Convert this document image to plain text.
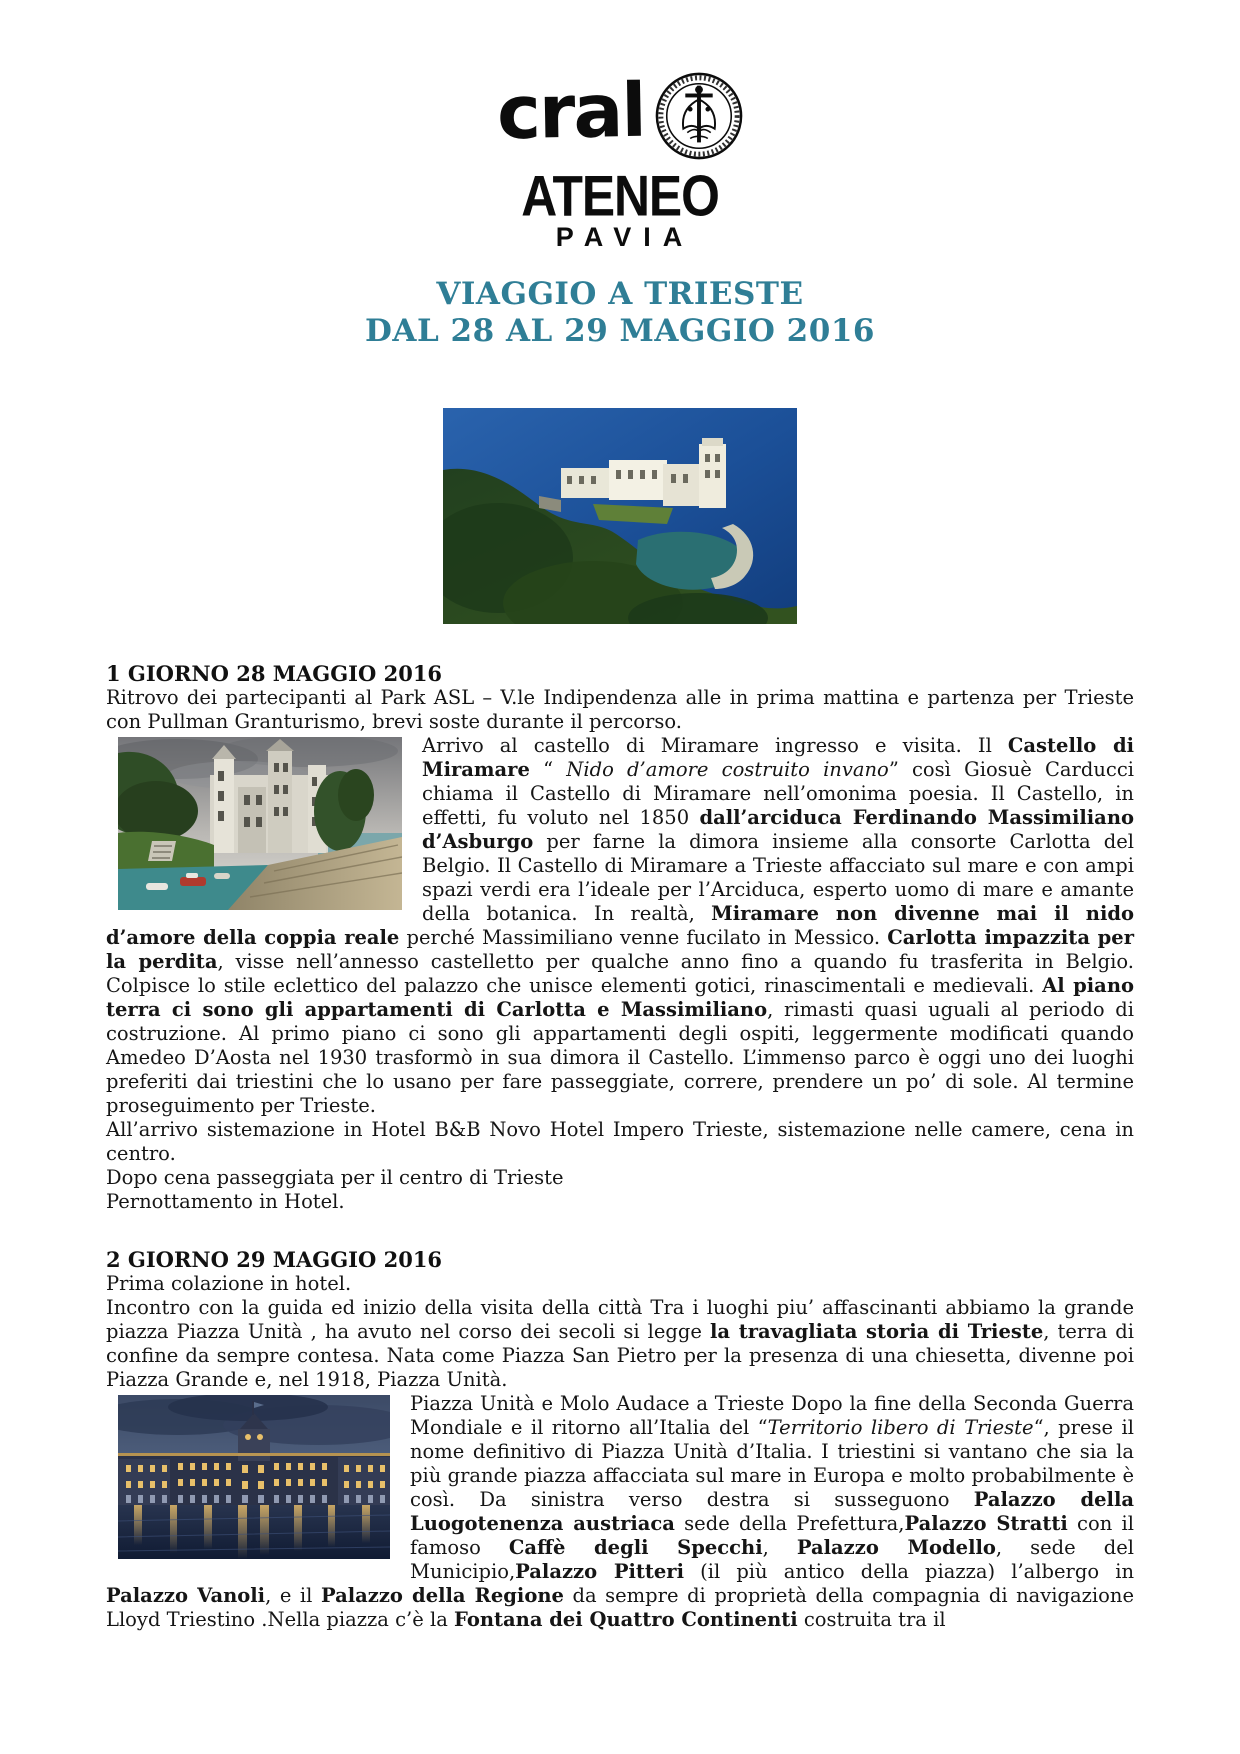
cral
ATENEO
PAVIA
VIAGGIO A TRIESTE
DAL 28 AL 29 MAGGIO 2016
1 GIORNO 28 MAGGIO 2016

Ritrovo dei partecipanti al Park ASL – V.le Indipendenza alle in prima mattina e partenza per Trieste con Pullman Granturismo, brevi soste durante il percorso.

Arrivo al castello di Miramare ingresso e visita. Il Castello di Miramare “ Nido d’amore costruito invano” così Giosuè Carducci chiama il Castello di Miramare nell’omonima poesia. Il Castello, in effetti, fu voluto nel 1850 dall’arciduca Ferdinando Massimiliano d’Asburgo per farne la dimora insieme alla consorte Carlotta del Belgio. Il Castello di Miramare a Trieste affacciato sul mare e con ampi spazi verdi era l’ideale per l’Arciduca, esperto uomo di mare e amante della botanica. In realtà, Miramare non divenne mai il nido d’amore della coppia reale perché Massimiliano venne fucilato in Messico. Carlotta impazzita per la perdita, visse nell’annesso castelletto per qualche anno fino a quando fu trasferita in Belgio. Colpisce lo stile eclettico del palazzo che unisce elementi gotici, rinascimentali e medievali. Al piano terra ci sono gli appartamenti di Carlotta e Massimiliano, rimasti quasi uguali al periodo di costruzione. Al primo piano ci sono gli appartamenti degli ospiti, leggermente modificati quando Amedeo D’Aosta nel 1930 trasformò in sua dimora il Castello. L’immenso parco è oggi uno dei luoghi preferiti dai triestini che lo usano per fare passeggiate, correre, prendere un po’ di sole. Al termine proseguimento per Trieste.

All’arrivo sistemazione in Hotel B&B Novo Hotel Impero Trieste, sistemazione nelle camere, cena in centro.

Dopo cena passeggiata per il centro di Trieste

Pernottamento in Hotel.

2 GIORNO 29 MAGGIO 2016

Prima colazione in hotel.

Incontro con la guida ed inizio della visita della città Tra i luoghi piu’ affascinanti abbiamo la grande piazza Piazza Unità , ha avuto nel corso dei secoli si legge la travagliata storia di Trieste, terra di confine da sempre contesa. Nata come Piazza San Pietro per la presenza di una chiesetta, divenne poi Piazza Grande e, nel 1918, Piazza Unità.
Piazza Unità e Molo Audace a Trieste Dopo la fine della Seconda Guerra Mondiale e il ritorno all’Italia del “Territorio libero di Trieste“, prese il nome definitivo di Piazza Unità d’Italia. I triestini si vantano che sia la più grande piazza affacciata sul mare in Europa e molto probabilmente è così. Da sinistra verso destra si susseguono Palazzo della Luogotenenza austriaca sede della Prefettura,Palazzo Stratti con il famoso Caffè degli Specchi, Palazzo Modello, sede del Municipio,Palazzo Pitteri (il più antico della piazza) l’albergo in Palazzo Vanoli, e il Palazzo della Regione da sempre di proprietà della compagnia di navigazione Lloyd Triestino .Nella piazza c’è la Fontana dei Quattro Continenti costruita tra il
